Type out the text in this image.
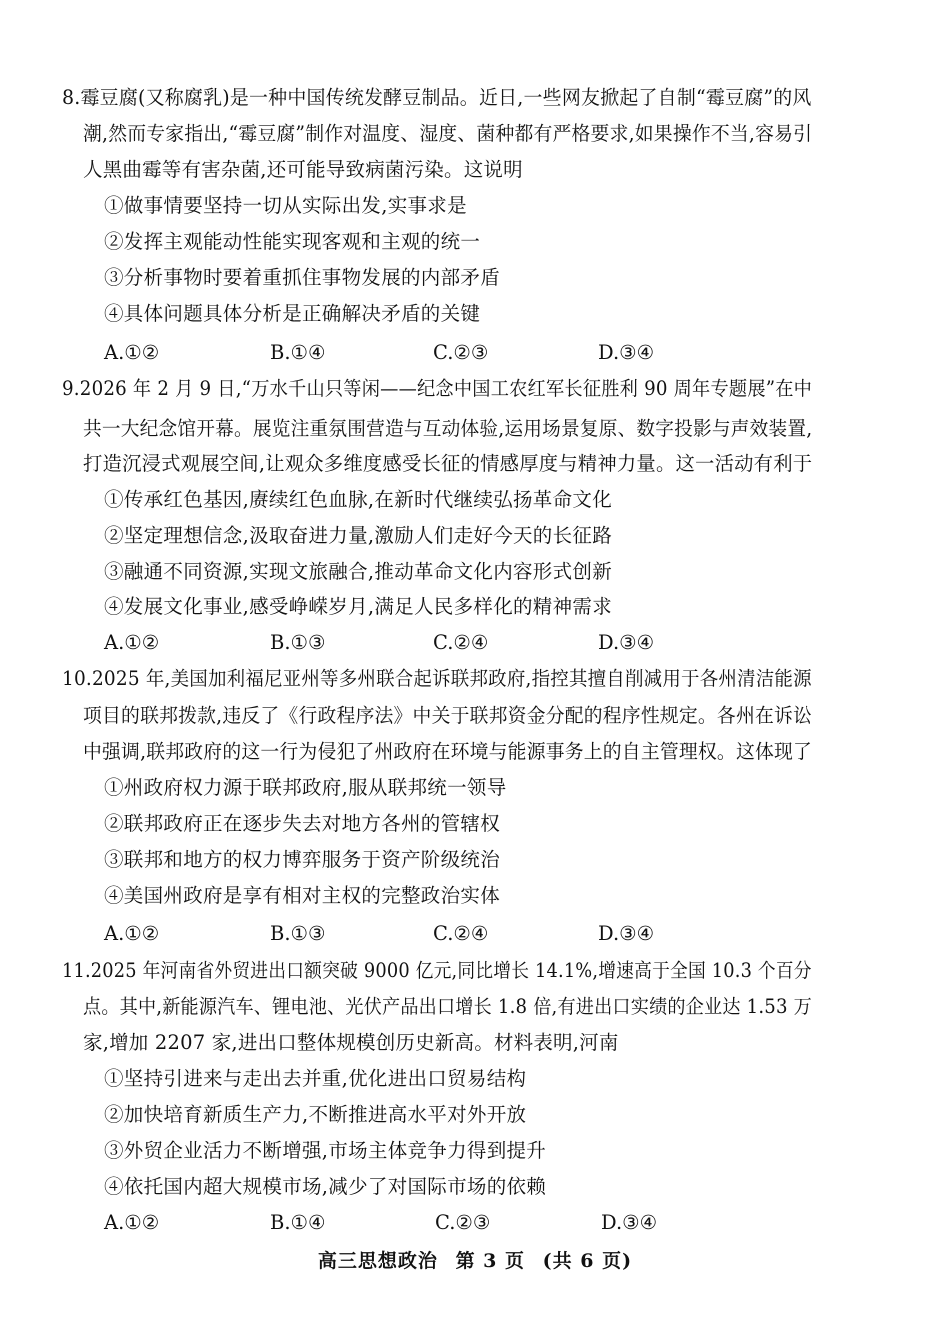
8.霉豆腐(又称腐乳)是一种中国传统发酵豆制品。近日,一些网友掀起了自制“霉豆腐”的风
潮,然而专家指出,“霉豆腐”制作对温度、湿度、菌种都有严格要求,如果操作不当,容易引
人黑曲霉等有害杂菌,还可能导致病菌污染。这说明
①做事情要坚持一切从实际出发,实事求是
②发挥主观能动性能实现客观和主观的统一
③分析事物时要着重抓住事物发展的内部矛盾
④具体问题具体分析是正确解决矛盾的关键
A.①②	B.①④	C.②③	D.③④
9.2026 年 2 月 9 日,“万水千山只等闲——纪念中国工农红军长征胜利 90 周年专题展”在中
共一大纪念馆开幕。展览注重氛围营造与互动体验,运用场景复原、数字投影与声效装置,
打造沉浸式观展空间,让观众多维度感受长征的情感厚度与精神力量。这一活动有利于
①传承红色基因,赓续红色血脉,在新时代继续弘扬革命文化
②坚定理想信念,汲取奋进力量,激励人们走好今天的长征路
③融通不同资源,实现文旅融合,推动革命文化内容形式创新
④发展文化事业,感受峥嵘岁月,满足人民多样化的精神需求
A.①②	B.①③	C.②④	D.③④
10.2025 年,美国加利福尼亚州等多州联合起诉联邦政府,指控其擅自削减用于各州清洁能源
项目的联邦拨款,违反了《行政程序法》中关于联邦资金分配的程序性规定。各州在诉讼
中强调,联邦政府的这一行为侵犯了州政府在环境与能源事务上的自主管理权。这体现了
①州政府权力源于联邦政府,服从联邦统一领导
②联邦政府正在逐步失去对地方各州的管辖权
③联邦和地方的权力博弈服务于资产阶级统治
④美国州政府是享有相对主权的完整政治实体
A.①②	B.①③	C.②④	D.③④
11.2025 年河南省外贸进出口额突破 9000 亿元,同比增长 14.1%,增速高于全国 10.3 个百分
点。其中,新能源汽车、锂电池、光伏产品出口增长 1.8 倍,有进出口实绩的企业达 1.53 万
家,增加 2207 家,进出口整体规模创历史新高。材料表明,河南
①坚持引进来与走出去并重,优化进出口贸易结构
②加快培育新质生产力,不断推进高水平对外开放
③外贸企业活力不断增强,市场主体竞争力得到提升
④依托国内超大规模市场,减少了对国际市场的依赖
A.①②	B.①④	C.②③	D.③④
高三思想政治 第 3 页 (共 6 页)
